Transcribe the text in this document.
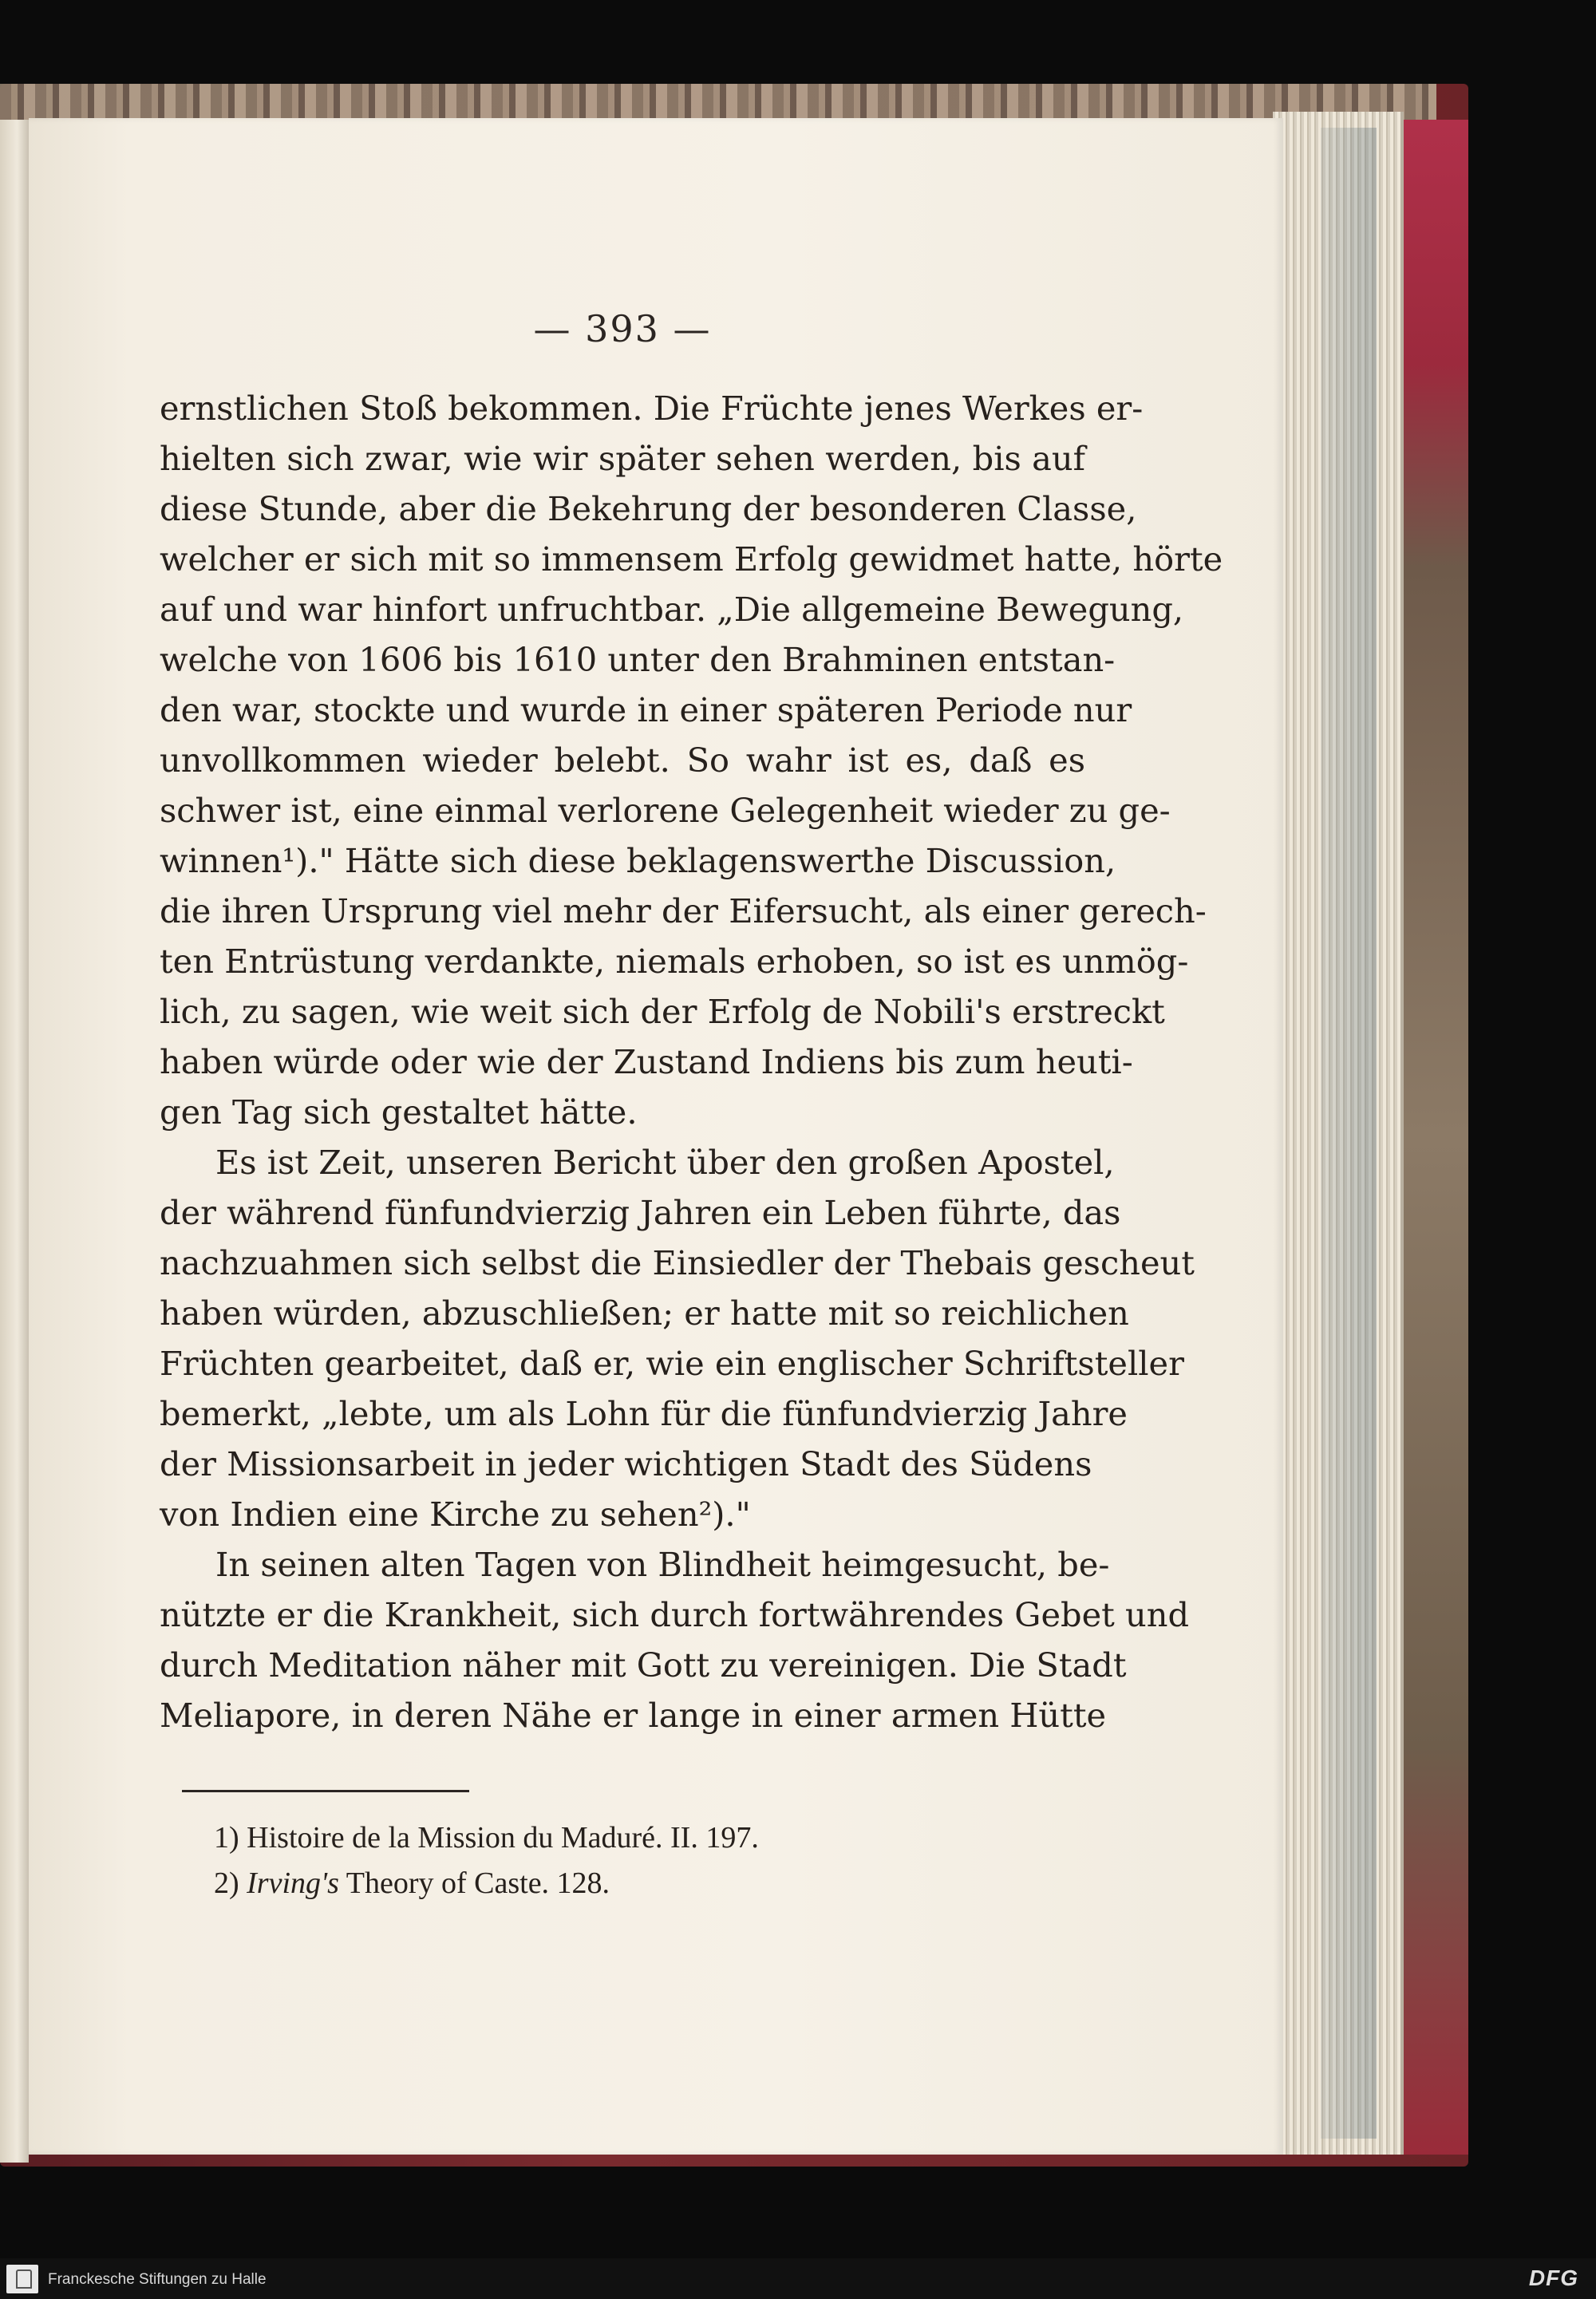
— 393 —
ernstlichen Stoß bekommen. Die Früchte jenes Werkes er-
hielten sich zwar, wie wir später sehen werden, bis auf
diese Stunde, aber die Bekehrung der besonderen Classe,
welcher er sich mit so immensem Erfolg gewidmet hatte, hörte
auf und war hinfort unfruchtbar. „Die allgemeine Bewegung,
welche von 1606 bis 1610 unter den Brahminen entstan-
den war, stockte und wurde in einer späteren Periode nur
unvollkommen wieder belebt. So wahr ist es, daß es
schwer ist, eine einmal verlorene Gelegenheit wieder zu ge-
winnen¹)." Hätte sich diese beklagenswerthe Discussion,
die ihren Ursprung viel mehr der Eifersucht, als einer gerech-
ten Entrüstung verdankte, niemals erhoben, so ist es unmög-
lich, zu sagen, wie weit sich der Erfolg de Nobili's erstreckt
haben würde oder wie der Zustand Indiens bis zum heuti-
gen Tag sich gestaltet hätte.
Es ist Zeit, unseren Bericht über den großen Apostel,
der während fünfundvierzig Jahren ein Leben führte, das
nachzuahmen sich selbst die Einsiedler der Thebais gescheut
haben würden, abzuschließen; er hatte mit so reichlichen
Früchten gearbeitet, daß er, wie ein englischer Schriftsteller
bemerkt, „lebte, um als Lohn für die fünfundvierzig Jahre
der Missionsarbeit in jeder wichtigen Stadt des Südens
von Indien eine Kirche zu sehen²)."
In seinen alten Tagen von Blindheit heimgesucht, be-
nützte er die Krankheit, sich durch fortwährendes Gebet und
durch Meditation näher mit Gott zu vereinigen. Die Stadt
Meliapore, in deren Nähe er lange in einer armen Hütte
1) Histoire de la Mission du Maduré. II. 197.
2) Irving's Theory of Caste. 128.
Franckesche Stiftungen zu Halle	DFG
